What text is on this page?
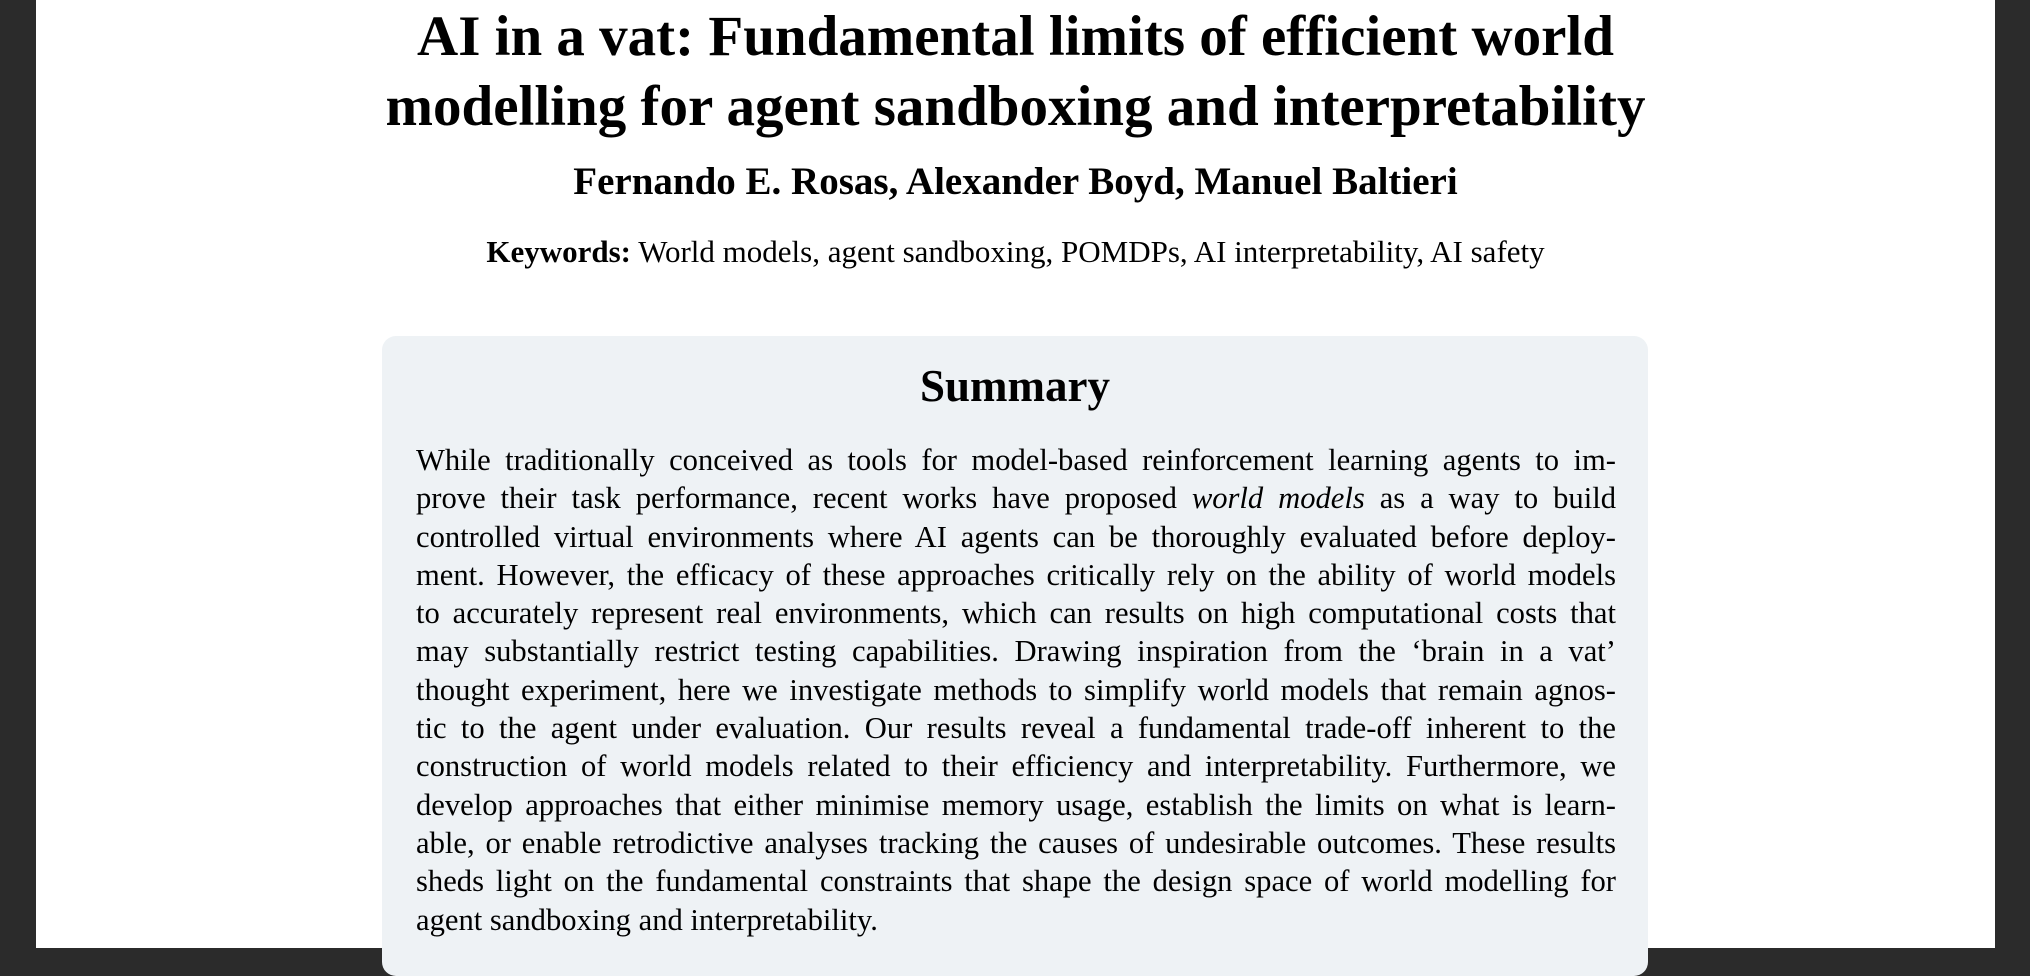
AI in a vat: Fundamental limits of efficient world
modelling for agent sandboxing and interpretability
Fernando E. Rosas, Alexander Boyd, Manuel Baltieri
Keywords: World models, agent sandboxing, POMDPs, AI interpretability, AI safety
Summary
While traditionally conceived as tools for model-based reinforcement learning agents to im-
prove their task performance, recent works have proposed world models as a way to build
controlled virtual environments where AI agents can be thoroughly evaluated before deploy-
ment. However, the efficacy of these approaches critically rely on the ability of world models
to accurately represent real environments, which can results on high computational costs that
may substantially restrict testing capabilities. Drawing inspiration from the ‘brain in a vat’
thought experiment, here we investigate methods to simplify world models that remain agnos-
tic to the agent under evaluation. Our results reveal a fundamental trade-off inherent to the
construction of world models related to their efficiency and interpretability. Furthermore, we
develop approaches that either minimise memory usage, establish the limits on what is learn-
able, or enable retrodictive analyses tracking the causes of undesirable outcomes. These results
sheds light on the fundamental constraints that shape the design space of world modelling for
agent sandboxing and interpretability.
